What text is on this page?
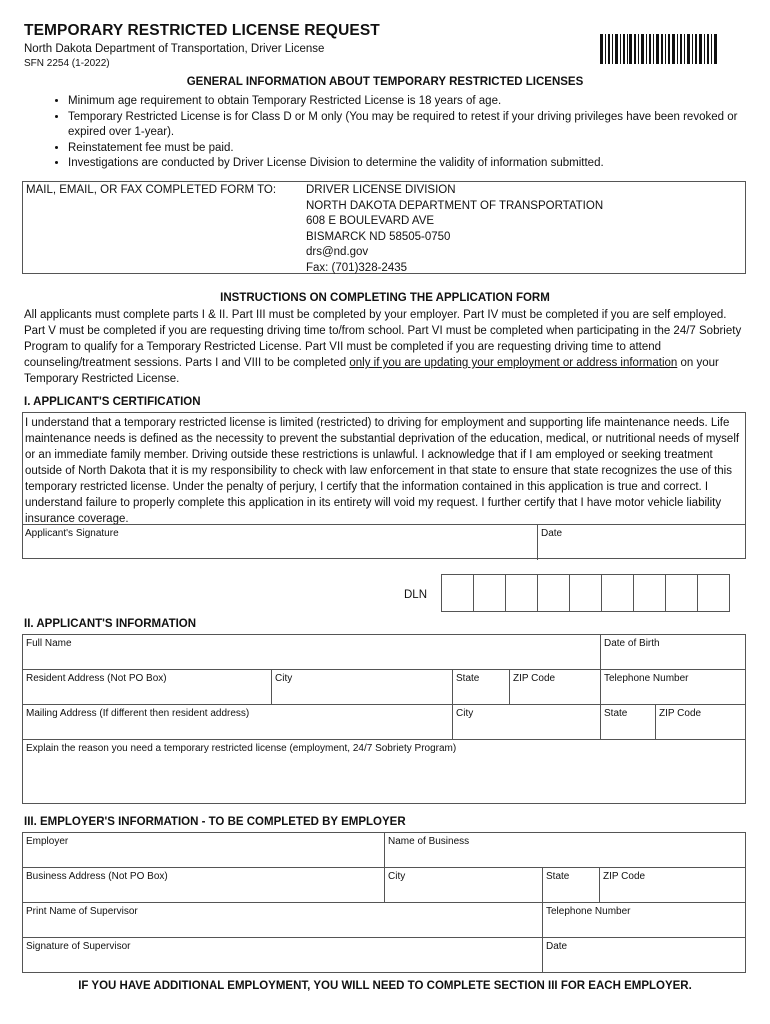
TEMPORARY RESTRICTED LICENSE REQUEST
North Dakota Department of Transportation, Driver License
SFN 2254 (1-2022)
GENERAL INFORMATION ABOUT TEMPORARY RESTRICTED LICENSES
• Minimum age requirement to obtain Temporary Restricted License is 18 years of age.
• Temporary Restricted License is for Class D or M only (You may be required to retest if your driving privileges have been revoked or expired over 1-year).
• Reinstatement fee must be paid.
• Investigations are conducted by Driver License Division to determine the validity of information submitted.
MAIL, EMAIL, OR FAX COMPLETED FORM TO:	DRIVER LICENSE DIVISION
NORTH DAKOTA DEPARTMENT OF TRANSPORTATION
608 E BOULEVARD AVE
BISMARCK ND 58505-0750
drs@nd.gov
Fax: (701)328-2435
INSTRUCTIONS ON COMPLETING THE APPLICATION FORM
All applicants must complete parts I & II. Part III must be completed by your employer. Part IV must be completed if you are self employed. Part V must be completed if you are requesting driving time to/from school. Part VI must be completed when participating in the 24/7 Sobriety Program to qualify for a Temporary Restricted License. Part VII must be completed if you are requesting driving time to attend counseling/treatment sessions. Parts I and VIII to be completed only if you are updating your employment or address information on your Temporary Restricted License.
I. APPLICANT'S CERTIFICATION
I understand that a temporary restricted license is limited (restricted) to driving for employment and supporting life maintenance needs. Life maintenance needs is defined as the necessity to prevent the substantial deprivation of the education, medical, or nutritional needs of myself or an immediate family member. Driving outside these restrictions is unlawful. I acknowledge that if I am employed or seeking treatment outside of North Dakota that it is my responsibility to check with law enforcement in that state to ensure that state recognizes the use of this temporary restricted license. Under the penalty of perjury, I certify that the information contained in this application is true and correct. I understand failure to properly complete this application in its entirety will void my request. I further certify that I have motor vehicle liability insurance coverage.
Applicant's Signature	Date
DLN
II. APPLICANT'S INFORMATION
Full Name	Date of Birth
Resident Address (Not PO Box)	City	State	ZIP Code	Telephone Number
Mailing Address (If different then resident address)	City	State	ZIP Code
Explain the reason you need a temporary restricted license (employment, 24/7 Sobriety Program)
III. EMPLOYER'S INFORMATION - TO BE COMPLETED BY EMPLOYER
Employer	Name of Business
Business Address (Not PO Box)	City	State	ZIP Code
Print Name of Supervisor	Telephone Number
Signature of Supervisor	Date
IF YOU HAVE ADDITIONAL EMPLOYMENT, YOU WILL NEED TO COMPLETE SECTION III FOR EACH EMPLOYER.
